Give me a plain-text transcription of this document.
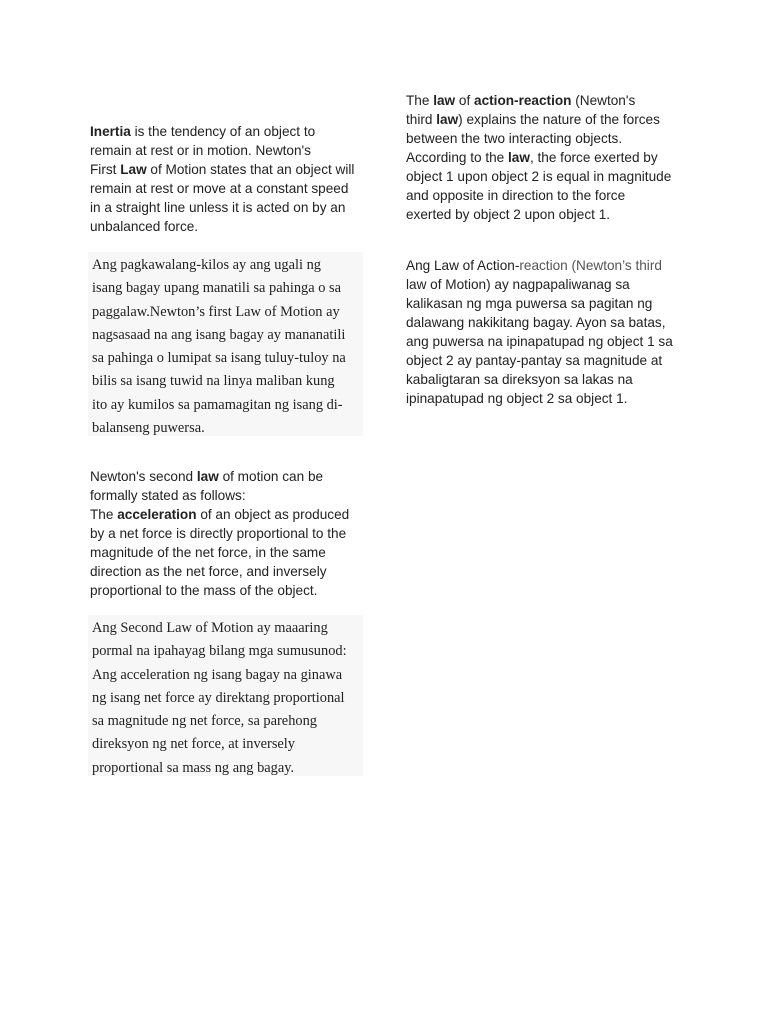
Inertia is the tendency of an object to
remain at rest or in motion. Newton's
First Law of Motion states that an object will
remain at rest or move at a constant speed
in a straight line unless it is acted on by an
unbalanced force.
Ang pagkawalang-kilos ay ang ugali ng
isang bagay upang manatili sa pahinga o sa
paggalaw.Newton’s first Law of Motion ay
nagsasaad na ang isang bagay ay mananatili
sa pahinga o lumipat sa isang tuluy-tuloy na
bilis sa isang tuwid na linya maliban kung
ito ay kumilos sa pamamagitan ng isang di-
balanseng puwersa.
Newton's second law of motion can be
formally stated as follows:
The acceleration of an object as produced
by a net force is directly proportional to the
magnitude of the net force, in the same
direction as the net force, and inversely
proportional to the mass of the object.
Ang Second Law of Motion ay maaaring
pormal na ipahayag bilang mga sumusunod:
Ang acceleration ng isang bagay na ginawa
ng isang net force ay direktang proportional
sa magnitude ng net force, sa parehong
direksyon ng net force, at inversely
proportional sa mass ng ang bagay.
The law of action-reaction (Newton's
third law) explains the nature of the forces
between the two interacting objects.
According to the law, the force exerted by
object 1 upon object 2 is equal in magnitude
and opposite in direction to the force
exerted by object 2 upon object 1.
Ang Law of Action-reaction (Newton’s third
law of Motion) ay nagpapaliwanag sa
kalikasan ng mga puwersa sa pagitan ng
dalawang nakikitang bagay. Ayon sa batas,
ang puwersa na ipinapatupad ng object 1 sa
object 2 ay pantay-pantay sa magnitude at
kabaligtaran sa direksyon sa lakas na
ipinapatupad ng object 2 sa object 1.
